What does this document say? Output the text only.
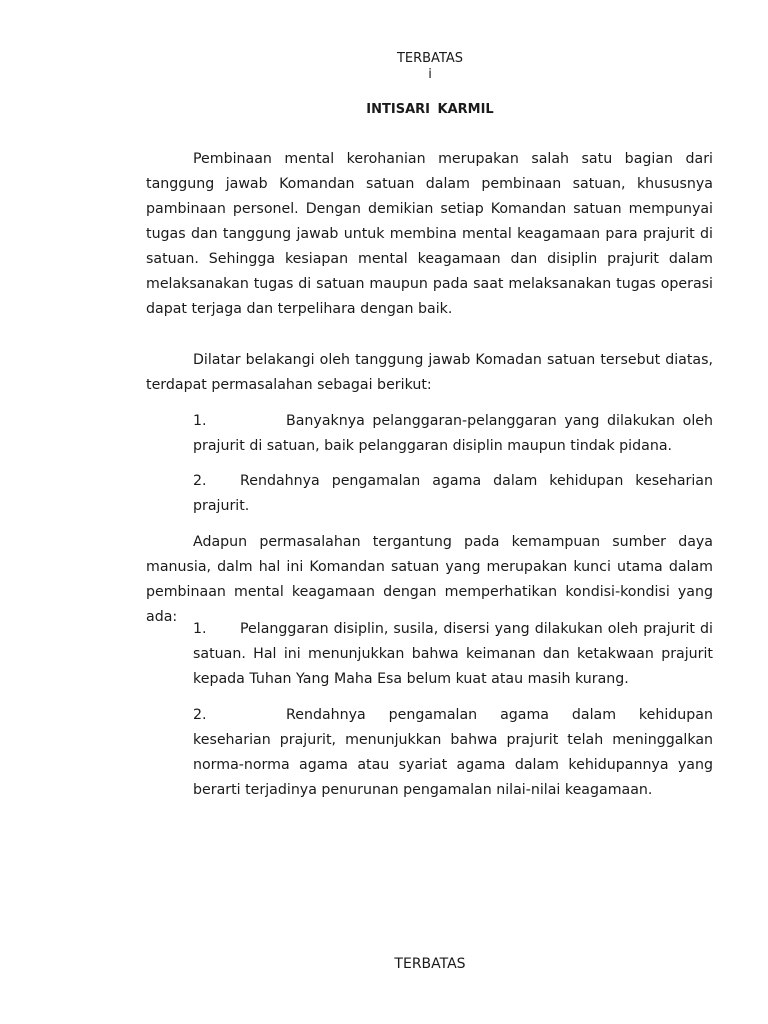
TERBATAS
i
INTISARI KARMIL

Pembinaan mental kerohanian merupakan salah satu bagian dari tanggung jawab Komandan satuan dalam pembinaan satuan, khususnya pambinaan personel. Dengan demikian setiap Komandan satuan mempunyai tugas dan tanggung jawab untuk membina mental keagamaan para prajurit di satuan. Sehingga kesiapan mental keagamaan dan disiplin prajurit dalam melaksanakan tugas di satuan maupun pada saat melaksanakan tugas operasi dapat terjaga dan terpelihara dengan baik.

Dilatar belakangi oleh tanggung jawab Komadan satuan tersebut diatas, terdapat permasalahan sebagai berikut:

1.	Banyaknya pelanggaran-pelanggaran yang dilakukan oleh prajurit di satuan, baik pelanggaran disiplin maupun tindak pidana.
2. Rendahnya pengamalan agama dalam kehidupan keseharian prajurit.

Adapun permasalahan tergantung pada kemampuan sumber daya manusia, dalm hal ini Komandan satuan yang merupakan kunci utama dalam pembinaan mental keagamaan dengan memperhatikan kondisi-kondisi yang ada:

1. Pelanggaran disiplin, susila, disersi yang dilakukan oleh prajurit di satuan. Hal ini menunjukkan bahwa keimanan dan ketakwaan prajurit kepada Tuhan Yang Maha Esa belum kuat atau masih kurang.
2.	Rendahnya pengamalan agama dalam kehidupan keseharian prajurit, menunjukkan bahwa prajurit telah meninggalkan norma-norma agama atau syariat agama dalam kehidupannya yang berarti terjadinya penurunan pengamalan nilai-nilai keagamaan.
TERBATAS
